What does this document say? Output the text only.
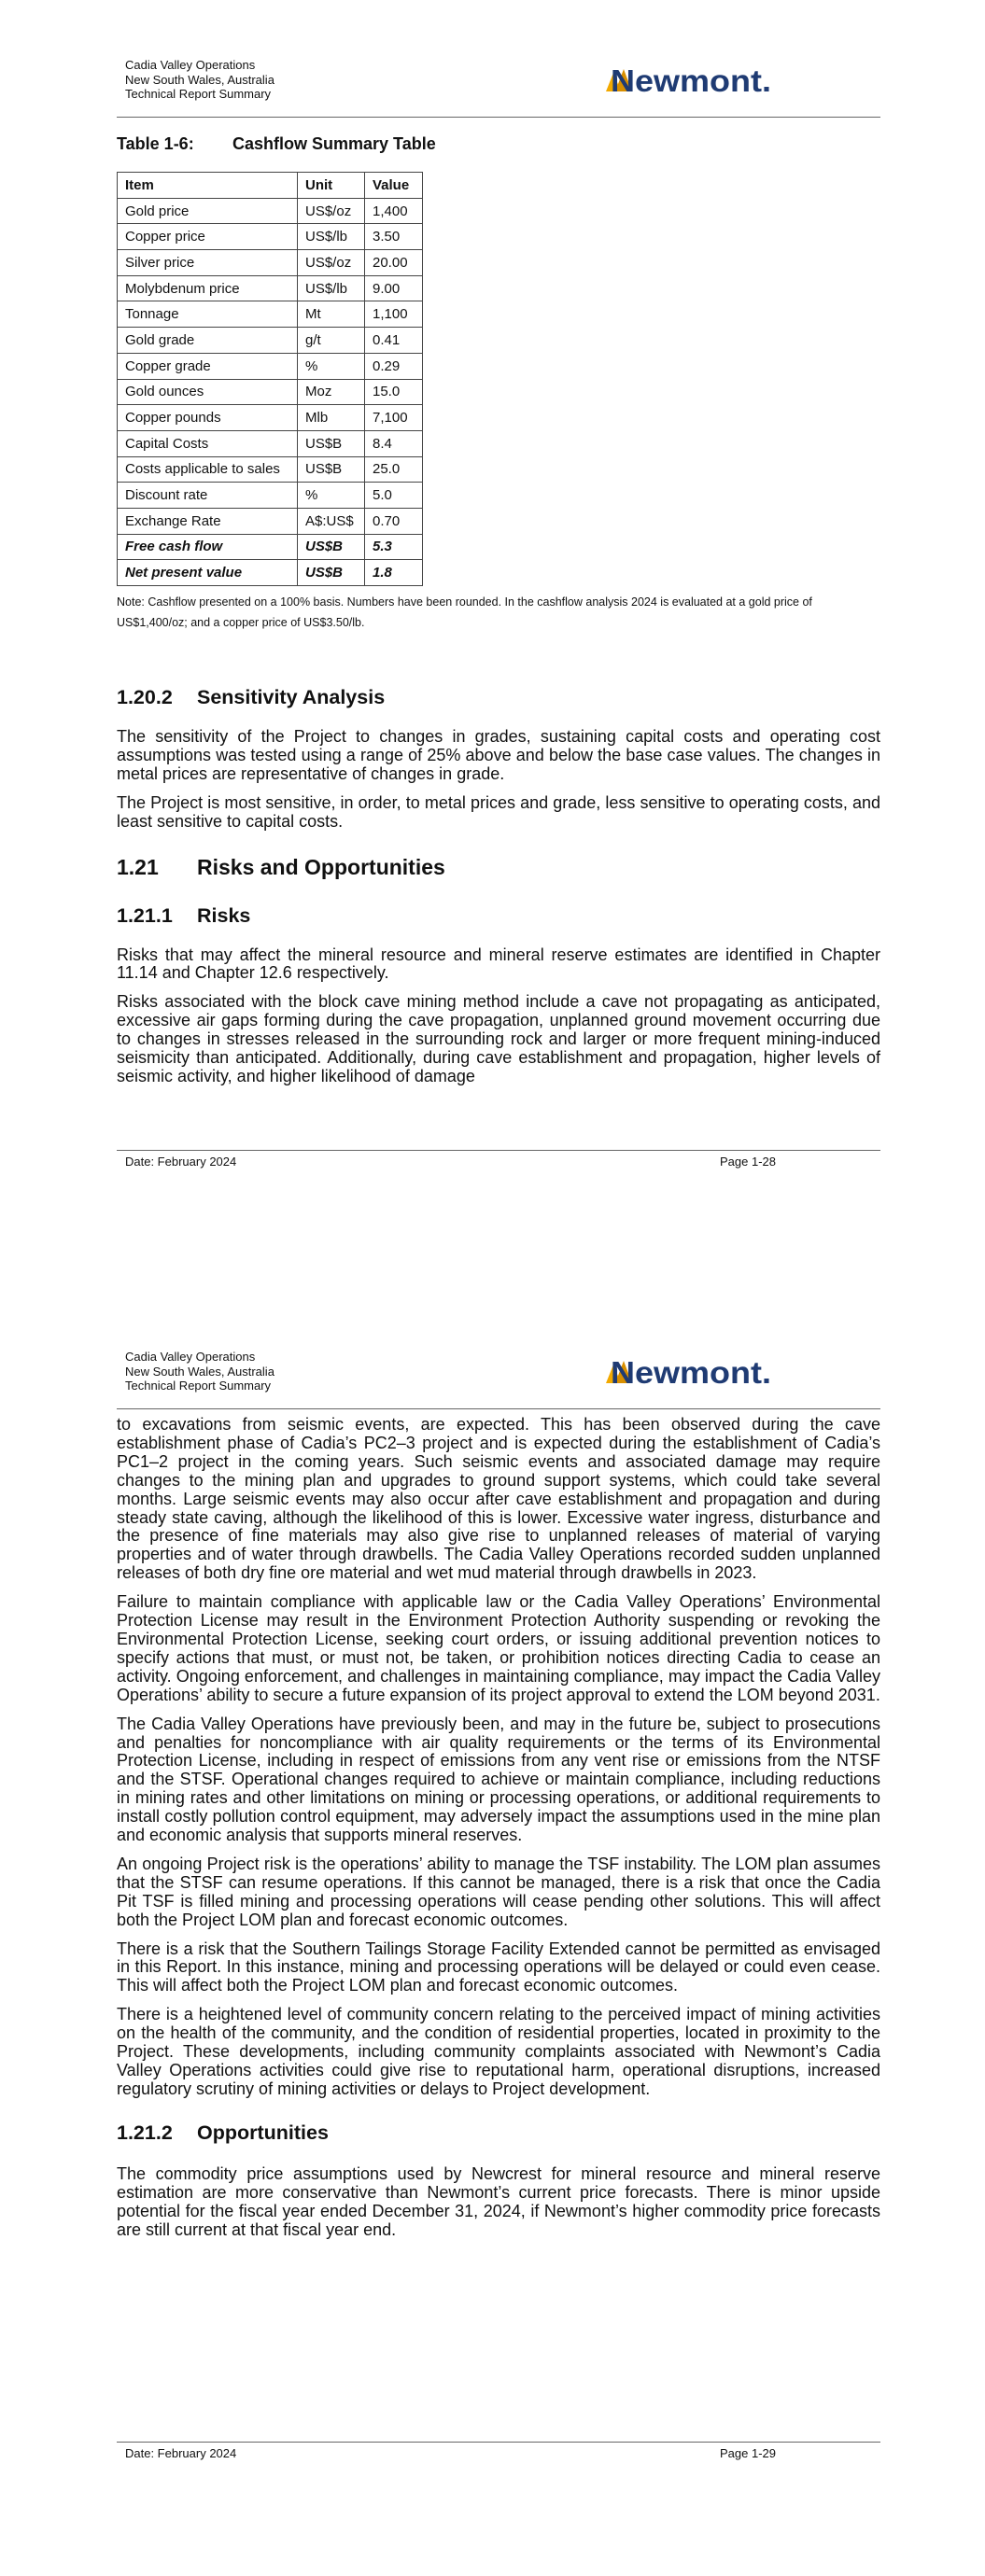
Cadia Valley Operations
New South Wales, Australia
Technical Report Summary	Newmont.
Table 1-6: Cashflow Summary Table
Item	Unit	Value
Gold price	US$/oz	1,400
Copper price	US$/lb	3.50
Silver price	US$/oz	20.00
Molybdenum price	US$/lb	9.00
Tonnage	Mt	1,100
Gold grade	g/t	0.41
Copper grade	%	0.29
Gold ounces	Moz	15.0
Copper pounds	Mlb	7,100
Capital Costs	US$B	8.4
Costs applicable to sales	US$B	25.0
Discount rate	%	5.0
Exchange Rate	A$:US$	0.70
Free cash flow	US$B	5.3
Net present value	US$B	1.8
Note: Cashflow presented on a 100% basis. Numbers have been rounded. In the cashflow analysis 2024 is evaluated at a gold price of US$1,400/oz; and a copper price of US$3.50/lb.
1.20.2 Sensitivity Analysis

The sensitivity of the Project to changes in grades, sustaining capital costs and operating cost assumptions was tested using a range of 25% above and below the base case values. The changes in metal prices are representative of changes in grade.

The Project is most sensitive, in order, to metal prices and grade, less sensitive to operating costs, and least sensitive to capital costs.

1.21 Risks and Opportunities
1.21.1 Risks

Risks that may affect the mineral resource and mineral reserve estimates are identified in Chapter 11.14 and Chapter 12.6 respectively.

Risks associated with the block cave mining method include a cave not propagating as anticipated, excessive air gaps forming during the cave propagation, unplanned ground movement occurring due to changes in stresses released in the surrounding rock and larger or more frequent mining-induced seismicity than anticipated. Additionally, during cave establishment and propagation, higher levels of seismic activity, and higher likelihood of damage

Date: February 2024	Page 1-28
Cadia Valley Operations
New South Wales, Australia
Technical Report Summary	Newmont.

to excavations from seismic events, are expected. This has been observed during the cave establishment phase of Cadia’s PC2–3 project and is expected during the establishment of Cadia’s PC1–2 project in the coming years. Such seismic events and associated damage may require changes to the mining plan and upgrades to ground support systems, which could take several months. Large seismic events may also occur after cave establishment and propagation and during steady state caving, although the likelihood of this is lower. Excessive water ingress, disturbance and the presence of fine materials may also give rise to unplanned releases of material of varying properties and of water through drawbells. The Cadia Valley Operations recorded sudden unplanned releases of both dry fine ore material and wet mud material through drawbells in 2023.

Failure to maintain compliance with applicable law or the Cadia Valley Operations’ Environmental Protection License may result in the Environment Protection Authority suspending or revoking the Environmental Protection License, seeking court orders, or issuing additional prevention notices to specify actions that must, or must not, be taken, or prohibition notices directing Cadia to cease an activity. Ongoing enforcement, and challenges in maintaining compliance, may impact the Cadia Valley Operations’ ability to secure a future expansion of its project approval to extend the LOM beyond 2031.

The Cadia Valley Operations have previously been, and may in the future be, subject to prosecutions and penalties for noncompliance with air quality requirements or the terms of its Environmental Protection License, including in respect of emissions from any vent rise or emissions from the NTSF and the STSF. Operational changes required to achieve or maintain compliance, including reductions in mining rates and other limitations on mining or processing operations, or additional requirements to install costly pollution control equipment, may adversely impact the assumptions used in the mine plan and economic analysis that supports mineral reserves.

An ongoing Project risk is the operations’ ability to manage the TSF instability. The LOM plan assumes that the STSF can resume operations. If this cannot be managed, there is a risk that once the Cadia Pit TSF is filled mining and processing operations will cease pending other solutions. This will affect both the Project LOM plan and forecast economic outcomes.

There is a risk that the Southern Tailings Storage Facility Extended cannot be permitted as envisaged in this Report. In this instance, mining and processing operations will be delayed or could even cease. This will affect both the Project LOM plan and forecast economic outcomes.

There is a heightened level of community concern relating to the perceived impact of mining activities on the health of the community, and the condition of residential properties, located in proximity to the Project. These developments, including community complaints associated with Newmont’s Cadia Valley Operations activities could give rise to reputational harm, operational disruptions, increased regulatory scrutiny of mining activities or delays to Project development.

1.21.2 Opportunities

The commodity price assumptions used by Newcrest for mineral resource and mineral reserve estimation are more conservative than Newmont’s current price forecasts. There is minor upside potential for the fiscal year ended December 31, 2024, if Newmont’s higher commodity price forecasts are still current at that fiscal year end.

Date: February 2024	Page 1-29
